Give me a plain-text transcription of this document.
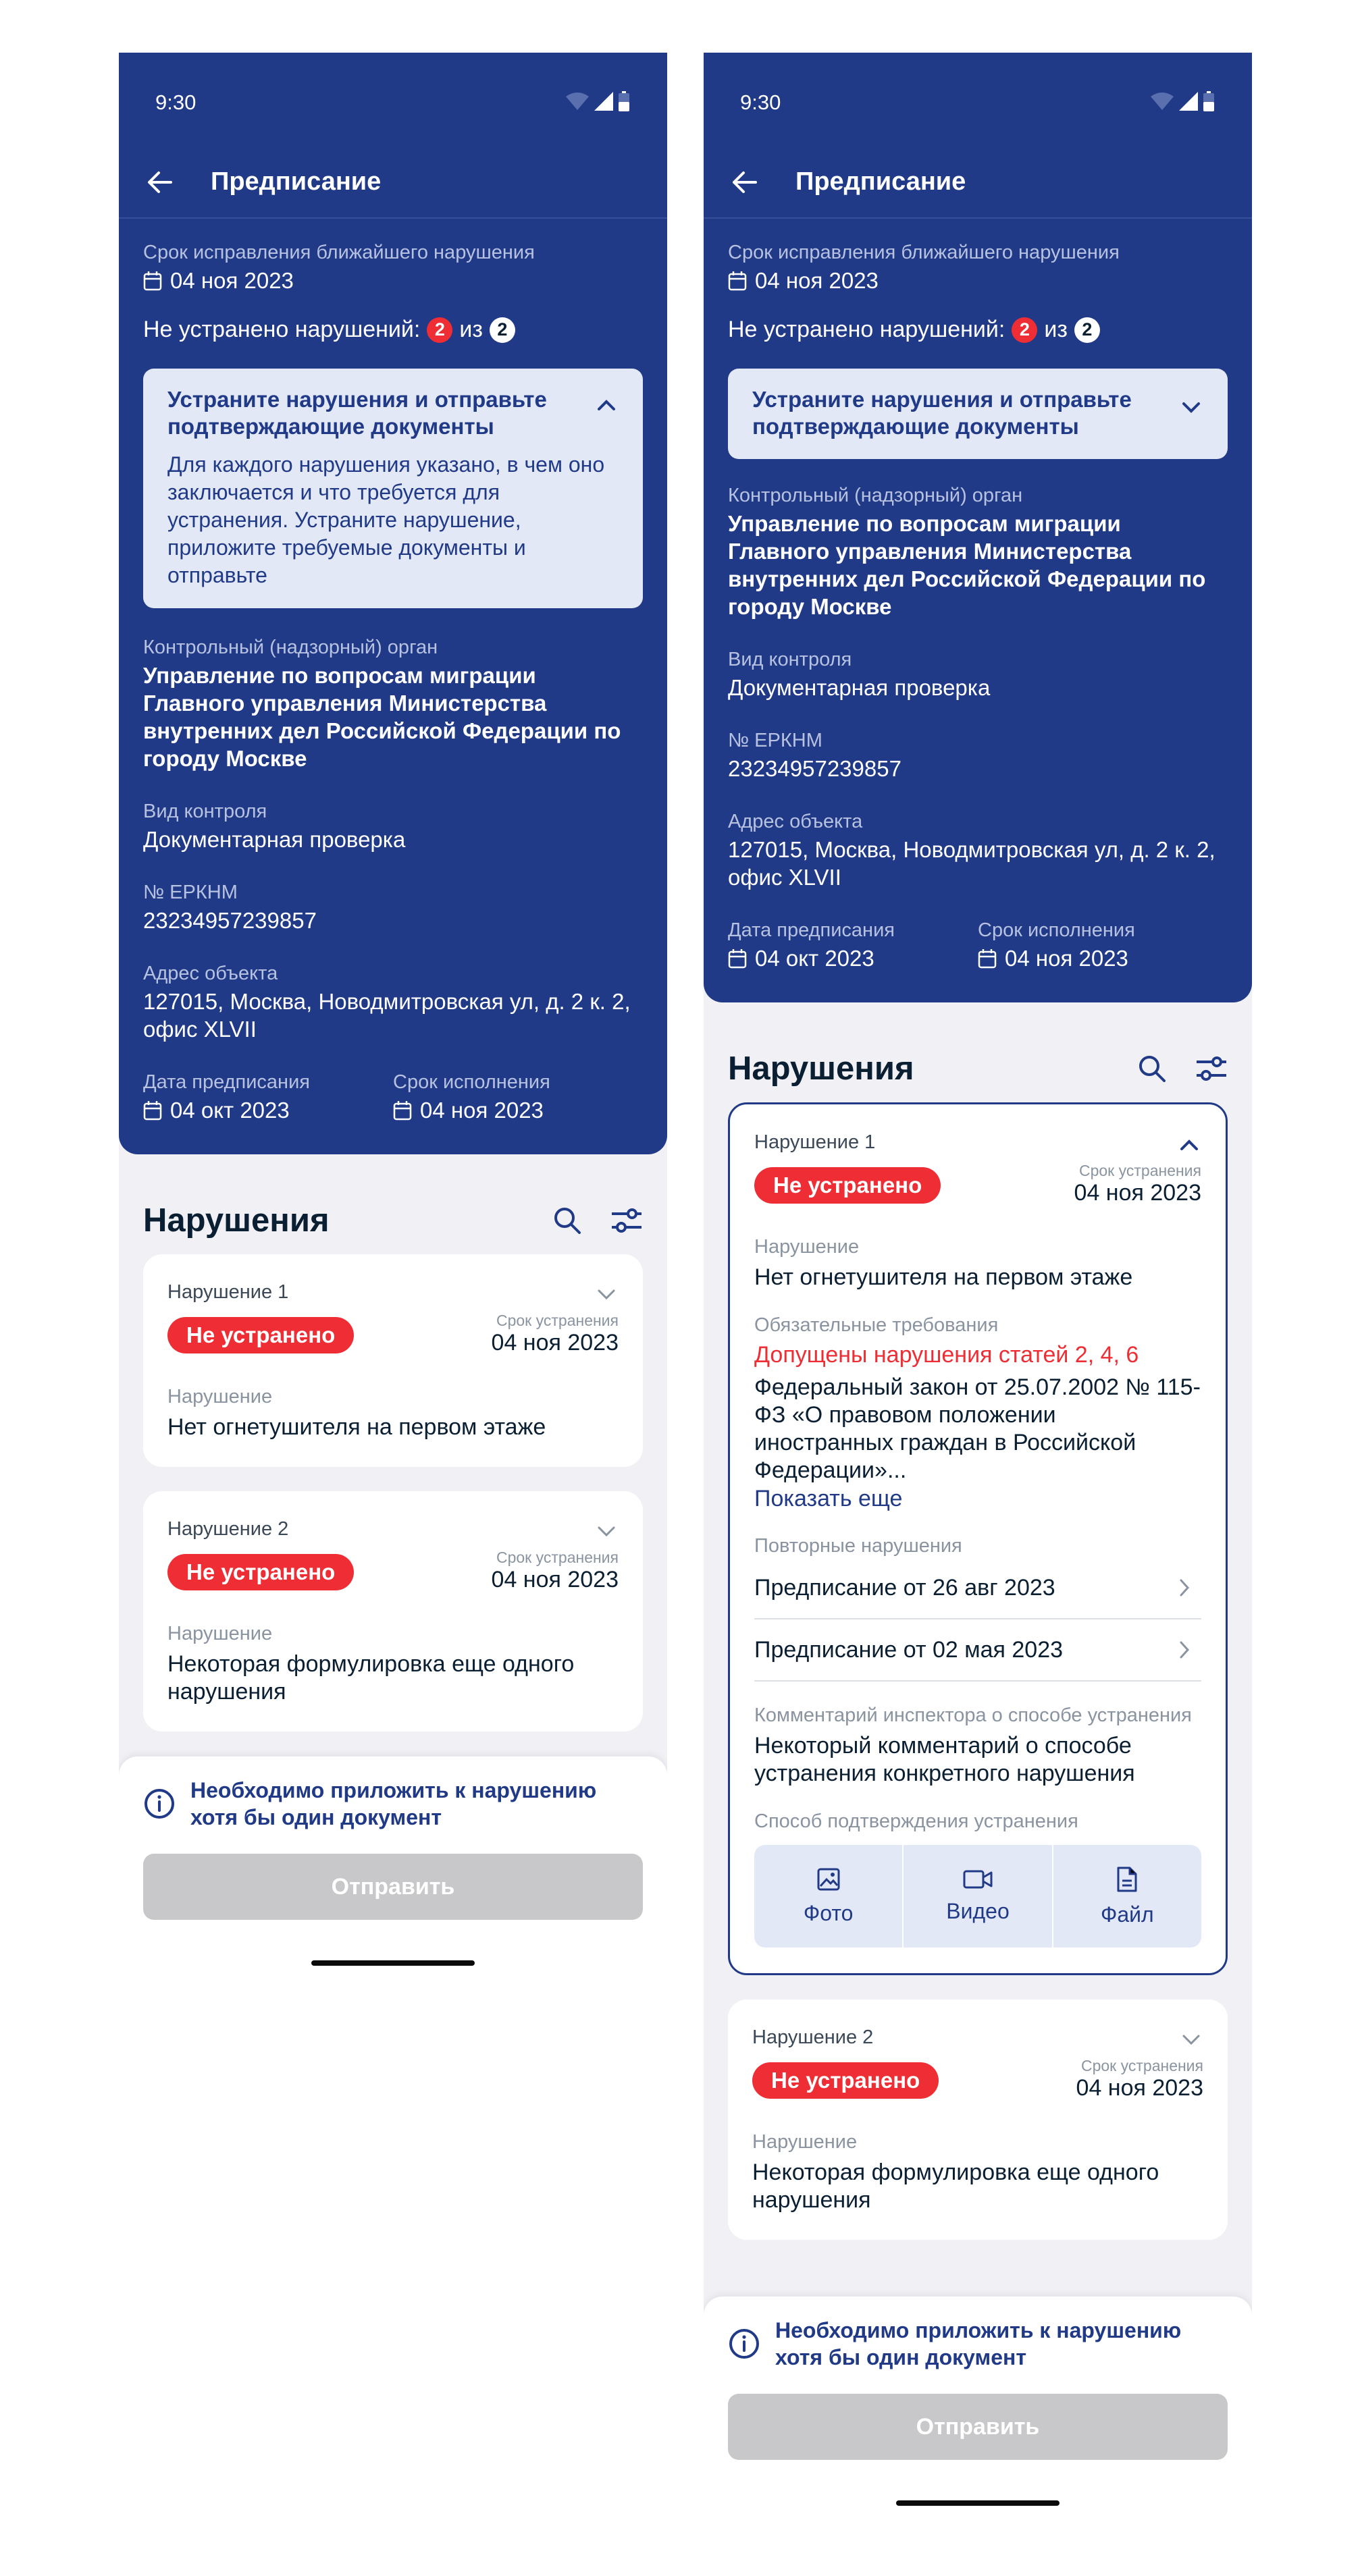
9:30
Предписание
Срок исправления ближайшего нарушения
04 ноя 2023
Не устранено нарушений: 2 из 2
Устраните нарушения и отправьте подтверждающие документы
Для каждого нарушения указано, в чем оно заключается и что требуется для устранения. Устраните нарушение, приложите требуемые документы и отправьте
Контрольный (надзорный) орган
Управление по вопросам миграции Главного управления Министерства внутренних дел Российской Федерации по городу Москве
Вид контроля
Документарная проверка
№ ЕРКНМ
23234957239857
Адрес объекта
127015, Москва, Новодмитровская ул, д. 2 к. 2, офис XLVII
Дата предписания
04 окт 2023
Срок исполнения
04 ноя 2023
Нарушения
Нарушение 1
Не устранено
Срок устранения
04 ноя 2023
Нарушение
Нет огнетушителя на первом этаже
Нарушение 2
Не устранено
Срок устранения
04 ноя 2023
Нарушение
Некоторая формулировка еще одного нарушения
Необходимо приложить к нарушению хотя бы один документ
Отправить
9:30
Предписание
Срок исправления ближайшего нарушения
04 ноя 2023
Не устранено нарушений: 2 из 2
Устраните нарушения и отправьте подтверждающие документы
Контрольный (надзорный) орган
Управление по вопросам миграции Главного управления Министерства внутренних дел Российской Федерации по городу Москве
Вид контроля
Документарная проверка
№ ЕРКНМ
23234957239857
Адрес объекта
127015, Москва, Новодмитровская ул, д. 2 к. 2, офис XLVII
Дата предписания
04 окт 2023
Срок исполнения
04 ноя 2023
Нарушения
Нарушение 1
Не устранено
Срок устранения
04 ноя 2023
Нарушение
Нет огнетушителя на первом этаже
Обязательные требования
Допущены нарушения статей 2, 4, 6
Федеральный закон от 25.07.2002 № 115-ФЗ «О правовом положении иностранных граждан в Российской Федерации»...
Показать еще
Повторные нарушения
Предписание от 26 авг 2023
Предписание от 02 мая 2023
Комментарий инспектора о способе устранения
Некоторый комментарий о способе устранения конкретного нарушения
Способ подтверждения устранения
Фото	Видео	Файл
Нарушение 2
Не устранено
Срок устранения
04 ноя 2023
Нарушение
Некоторая формулировка еще одного нарушения
Необходимо приложить к нарушению хотя бы один документ
Отправить
